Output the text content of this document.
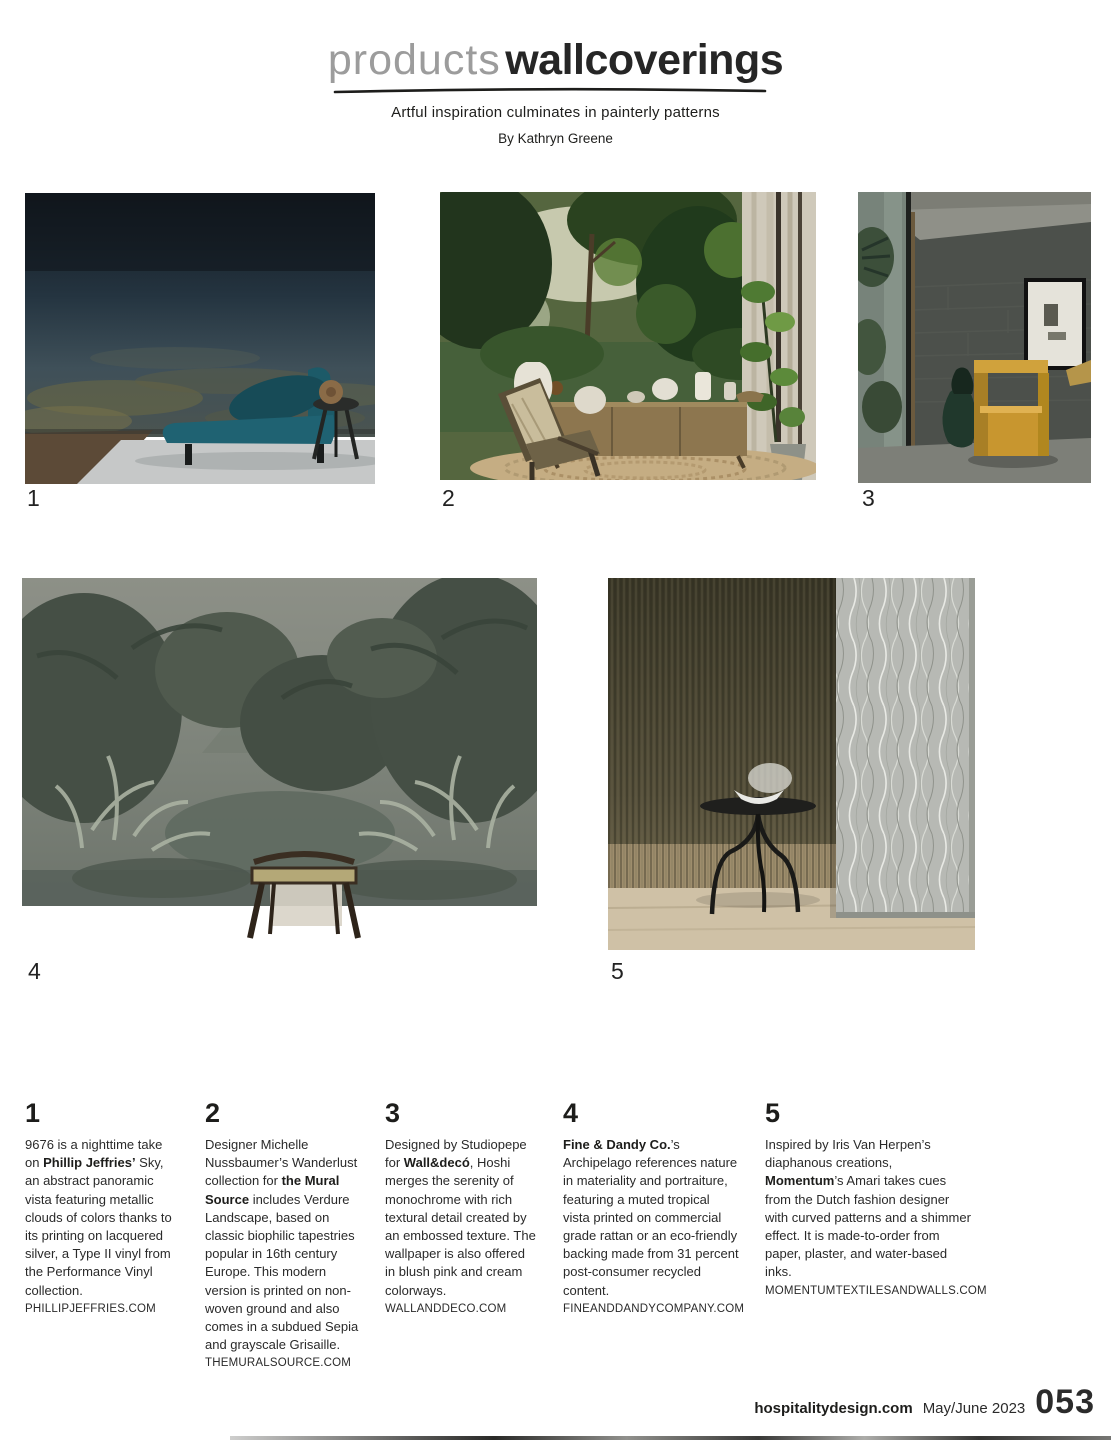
products wallcoverings
Artful inspiration culminates in painterly patterns
By Kathryn Greene
1	2	3
4	5

1

9676 is a nighttime take on Phillip Jeffries’ Sky, an abstract panoramic vista featuring metallic clouds of colors thanks to its printing on lacquered silver, a Type II vinyl from the Performance Vinyl collection.

PHILLIPJEFFRIES.COM

2

Designer Michelle Nussbaumer’s Wanderlust collection for the Mural Source includes Verdure Landscape, based on classic biophilic tapestries popular in 16th century Europe. This modern version is printed on non-woven ground and also comes in a subdued Sepia and grayscale Grisaille.

THEMURALSOURCE.COM

3

Designed by Studiopepe for Wall&decó, Hoshi merges the serenity of monochrome with rich textural detail created by an embossed texture. The wallpaper is also offered in blush pink and cream colorways.

WALLANDDECO.COM

4

Fine & Dandy Co.’s Archipelago references nature in materiality and portraiture, featuring a muted tropical vista printed on commercial grade rattan or an eco-friendly backing made from 31 percent post-consumer recycled content.

FINEANDDANDYCOMPANY.COM

5

Inspired by Iris Van Herpen’s diaphanous creations, Momentum’s Amari takes cues from the Dutch fashion designer with curved patterns and a shimmer effect. It is made-to-order from paper, plaster, and water-based inks.

MOMENTUMTEXTILESANDWALLS.COM

hospitalitydesign.com May/June 2023 053
